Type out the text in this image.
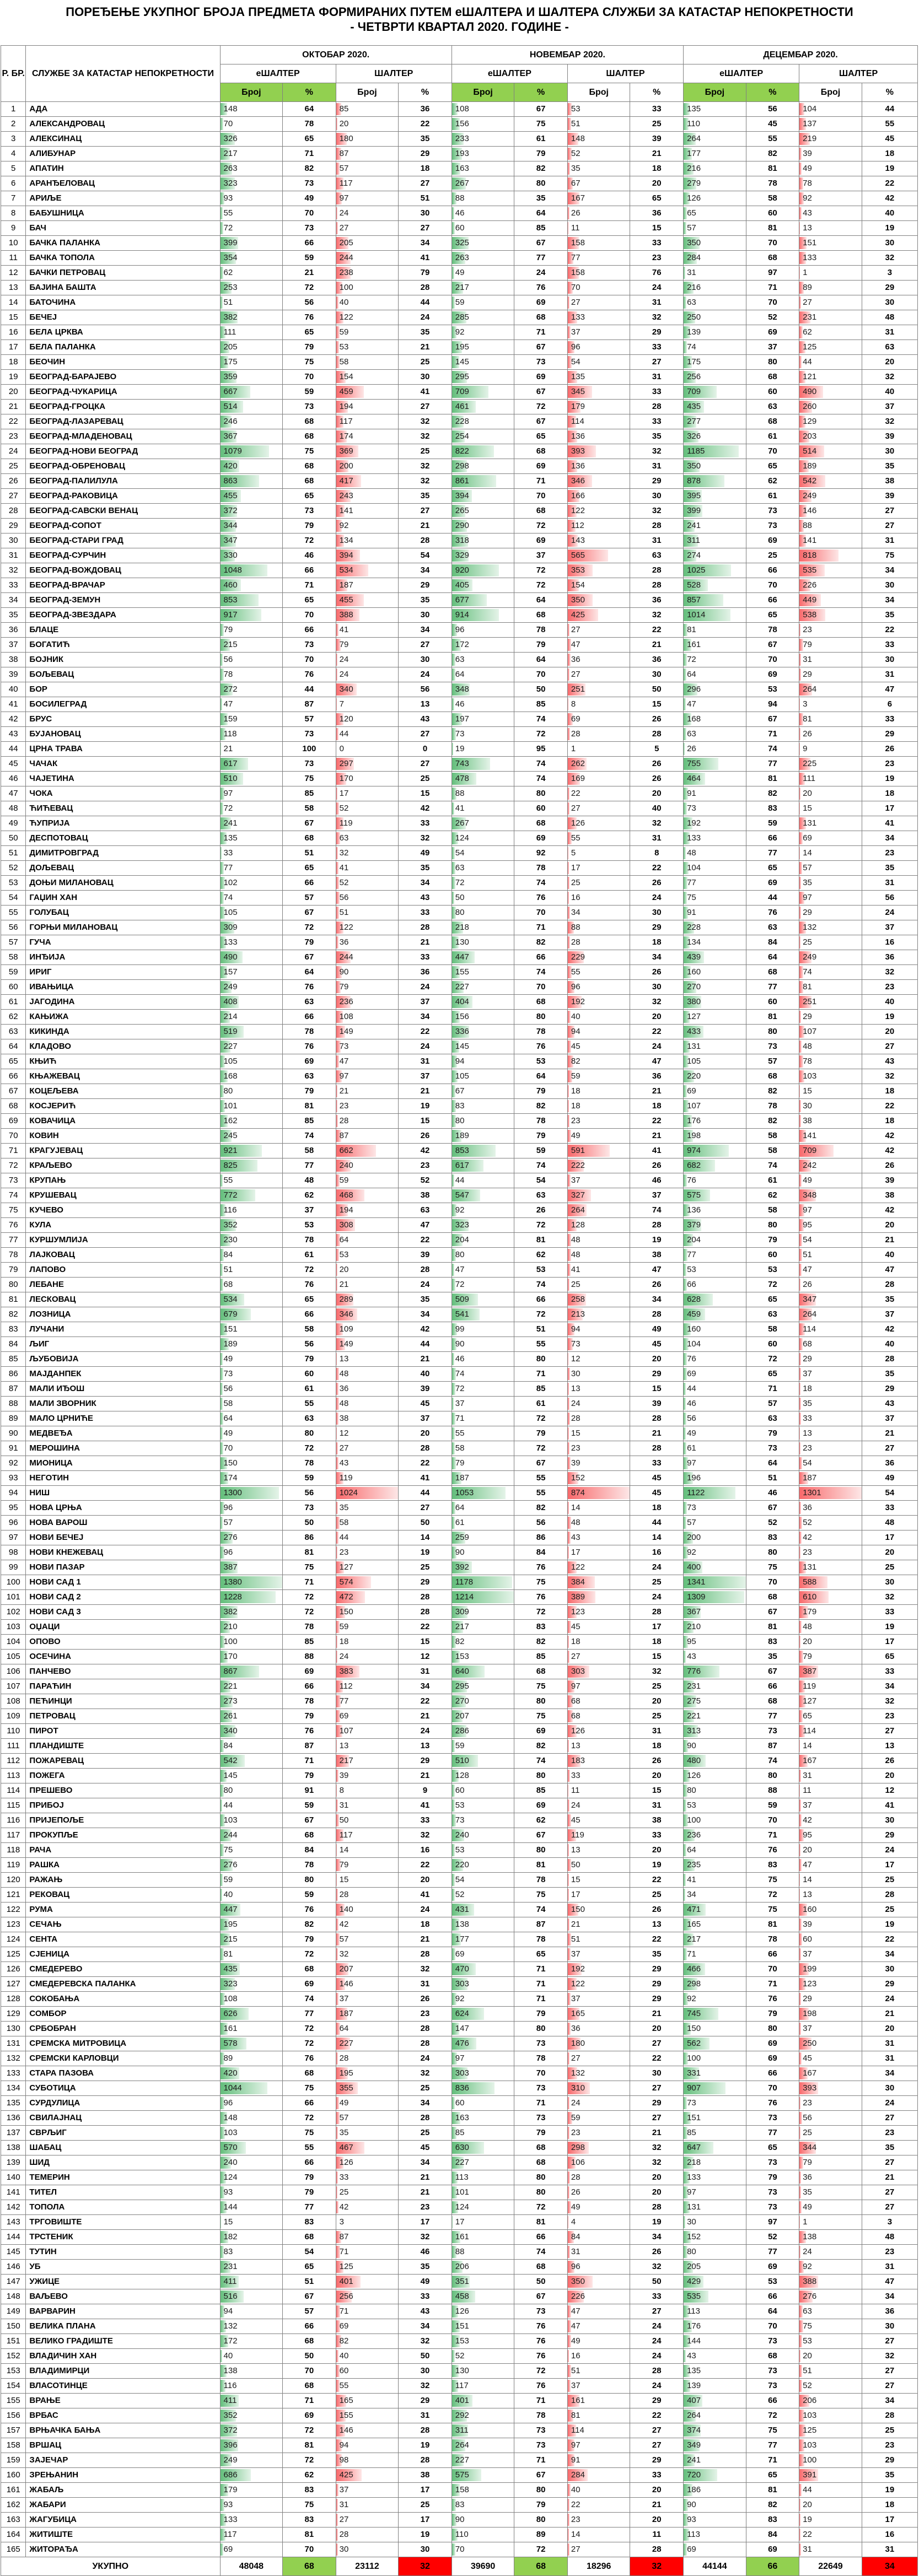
ПОРЕЂЕЊЕ УКУПНОГ БРОЈА ПРЕДМЕТА ФОРМИРАНИХ ПУТЕМ еШАЛТЕРА И ШАЛТЕРА СЛУЖБИ ЗА КАТАСТАР НЕПОКРЕТНОСТИ
- ЧЕТВРТИ КВАРТАЛ 2020. ГОДИНЕ -
Р. БР.	СЛУЖБЕ ЗА КАТАСТАР НЕПОКРЕТНОСТИ	ОКТОБАР 2020.				НОВЕМБАР 2020.				ДЕЦЕМБАР 2020.			
		еШАЛТЕР		ШАЛТЕР		еШАЛТЕР		ШАЛТЕР		еШАЛТЕР		ШАЛТЕР	
		Број	%	Број	%	Број	%	Број	%	Број	%	Број	%
1	АДА	148	64	85	36	108	67	53	33	135	56	104	44
2	АЛЕКСАНДРОВАЦ	70	78	20	22	156	75	51	25	110	45	137	55
3	АЛЕКСИНАЦ	326	65	180	35	233	61	148	39	264	55	219	45
4	АЛИБУНАР	217	71	87	29	193	79	52	21	177	82	39	18
5	АПАТИН	263	82	57	18	163	82	35	18	216	81	49	19
6	АРАНЂЕЛОВАЦ	323	73	117	27	267	80	67	20	279	78	78	22
7	АРИЉЕ	93	49	97	51	88	35	167	65	126	58	92	42
8	БАБУШНИЦА	55	70	24	30	46	64	26	36	65	60	43	40
9	БАЧ	72	73	27	27	60	85	11	15	57	81	13	19
10	БАЧКА ПАЛАНКА	399	66	205	34	325	67	158	33	350	70	151	30
11	БАЧКА ТОПОЛА	354	59	244	41	263	77	77	23	284	68	133	32
12	БАЧКИ ПЕТРОВАЦ	62	21	238	79	49	24	158	76	31	97	1	3
13	БАЈИНА БАШТА	253	72	100	28	217	76	70	24	216	71	89	29
14	БАТОЧИНА	51	56	40	44	59	69	27	31	63	70	27	30
15	БЕЧЕЈ	382	76	122	24	285	68	133	32	250	52	231	48
16	БЕЛА ЦРКВА	111	65	59	35	92	71	37	29	139	69	62	31
17	БЕЛА ПАЛАНКА	205	79	53	21	195	67	96	33	74	37	125	63
18	БЕОЧИН	175	75	58	25	145	73	54	27	175	80	44	20
19	БЕОГРАД-БАРАЈЕВО	359	70	154	30	295	69	135	31	256	68	121	32
20	БЕОГРАД-ЧУКАРИЦА	667	59	459	41	709	67	345	33	709	60	490	40
21	БЕОГРАД-ГРОЦКА	514	73	194	27	461	72	179	28	435	63	260	37
22	БЕОГРАД-ЛАЗАРЕВАЦ	246	68	117	32	228	67	114	33	277	68	129	32
23	БЕОГРАД-МЛАДЕНОВАЦ	367	68	174	32	254	65	136	35	326	61	203	39
24	БЕОГРАД-НОВИ БЕОГРАД	1079	75	369	25	822	68	393	32	1185	70	514	30
25	БЕОГРАД-ОБРЕНОВАЦ	420	68	200	32	298	69	136	31	350	65	189	35
26	БЕОГРАД-ПАЛИЛУЛА	863	68	417	32	861	71	346	29	878	62	542	38
27	БЕОГРАД-РАКОВИЦА	455	65	243	35	394	70	166	30	395	61	249	39
28	БЕОГРАД-САВСКИ ВЕНАЦ	372	73	141	27	265	68	122	32	399	73	146	27
29	БЕОГРАД-СОПОТ	344	79	92	21	290	72	112	28	241	73	88	27
30	БЕОГРАД-СТАРИ ГРАД	347	72	134	28	318	69	143	31	311	69	141	31
31	БЕОГРАД-СУРЧИН	330	46	394	54	329	37	565	63	274	25	818	75
32	БЕОГРАД-ВОЖДОВАЦ	1048	66	534	34	920	72	353	28	1025	66	535	34
33	БЕОГРАД-ВРАЧАР	460	71	187	29	405	72	154	28	528	70	226	30
34	БЕОГРАД-ЗЕМУН	853	65	455	35	677	64	350	36	857	66	449	34
35	БЕОГРАД-ЗВЕЗДАРА	917	70	388	30	914	68	425	32	1014	65	538	35
36	БЛАЦЕ	79	66	41	34	96	78	27	22	81	78	23	22
37	БОГАТИЋ	215	73	79	27	172	79	47	21	161	67	79	33
38	БОЈНИК	56	70	24	30	63	64	36	36	72	70	31	30
39	БОЉЕВАЦ	78	76	24	24	64	70	27	30	64	69	29	31
40	БОР	272	44	340	56	348	50	251	50	296	53	264	47
41	БОСИЛЕГРАД	47	87	7	13	46	85	8	15	47	94	3	6
42	БРУС	159	57	120	43	197	74	69	26	168	67	81	33
43	БУЈАНОВАЦ	118	73	44	27	73	72	28	28	63	71	26	29
44	ЦРНА ТРАВА	21	100	0	0	19	95	1	5	26	74	9	26
45	ЧАЧАК	617	73	297	27	743	74	262	26	755	77	225	23
46	ЧАЈЕТИНА	510	75	170	25	478	74	169	26	464	81	111	19
47	ЧОКА	97	85	17	15	88	80	22	20	91	82	20	18
48	ЋИЋЕВАЦ	72	58	52	42	41	60	27	40	73	83	15	17
49	ЋУПРИЈА	241	67	119	33	267	68	126	32	192	59	131	41
50	ДЕСПОТОВАЦ	135	68	63	32	124	69	55	31	133	66	69	34
51	ДИМИТРОВГРАД	33	51	32	49	54	92	5	8	48	77	14	23
52	ДОЉЕВАЦ	77	65	41	35	63	78	17	22	104	65	57	35
53	ДОЊИ МИЛАНОВАЦ	102	66	52	34	72	74	25	26	77	69	35	31
54	ГАЏИН ХАН	74	57	56	43	50	76	16	24	75	44	97	56
55	ГОЛУБАЦ	105	67	51	33	80	70	34	30	91	76	29	24
56	ГОРЊИ МИЛАНОВАЦ	309	72	122	28	218	71	88	29	228	63	132	37
57	ГУЧА	133	79	36	21	130	82	28	18	134	84	25	16
58	ИНЂИЈА	490	67	244	33	447	66	229	34	439	64	249	36
59	ИРИГ	157	64	90	36	155	74	55	26	160	68	74	32
60	ИВАЊИЦА	249	76	79	24	227	70	96	30	270	77	81	23
61	ЈАГОДИНА	408	63	236	37	404	68	192	32	380	60	251	40
62	КАЊИЖА	214	66	108	34	156	80	40	20	127	81	29	19
63	КИКИНДА	519	78	149	22	336	78	94	22	433	80	107	20
64	КЛАДОВО	227	76	73	24	145	76	45	24	131	73	48	27
65	КЊИЋ	105	69	47	31	94	53	82	47	105	57	78	43
66	КЊАЖЕВАЦ	168	63	97	37	105	64	59	36	220	68	103	32
67	КОЦЕЉЕВА	80	79	21	21	67	79	18	21	69	82	15	18
68	КОСЈЕРИЋ	101	81	23	19	83	82	18	18	107	78	30	22
69	КОВАЧИЦА	162	85	28	15	80	78	23	22	176	82	38	18
70	КОВИН	245	74	87	26	189	79	49	21	198	58	141	42
71	КРАГУЈЕВАЦ	921	58	662	42	853	59	591	41	974	58	709	42
72	КРАЉЕВО	825	77	240	23	617	74	222	26	682	74	242	26
73	КРУПАЊ	55	48	59	52	44	54	37	46	76	61	49	39
74	КРУШЕВАЦ	772	62	468	38	547	63	327	37	575	62	348	38
75	КУЧЕВО	116	37	194	63	92	26	264	74	136	58	97	42
76	КУЛА	352	53	308	47	323	72	128	28	379	80	95	20
77	КУРШУМЛИЈА	230	78	64	22	204	81	48	19	204	79	54	21
78	ЛАЈКОВАЦ	84	61	53	39	80	62	48	38	77	60	51	40
79	ЛАПОВО	51	72	20	28	47	53	41	47	53	53	47	47
80	ЛЕБАНЕ	68	76	21	24	72	74	25	26	66	72	26	28
81	ЛЕСКОВАЦ	534	65	289	35	509	66	258	34	628	65	347	35
82	ЛОЗНИЦА	679	66	346	34	541	72	213	28	459	63	264	37
83	ЛУЧАНИ	151	58	109	42	99	51	94	49	160	58	114	42
84	ЉИГ	189	56	149	44	90	55	73	45	104	60	68	40
85	ЉУБОВИЈА	49	79	13	21	46	80	12	20	76	72	29	28
86	МАЈДАНПЕК	73	60	48	40	74	71	30	29	69	65	37	35
87	МАЛИ ИЂОШ	56	61	36	39	72	85	13	15	44	71	18	29
88	МАЛИ ЗВОРНИК	58	55	48	45	37	61	24	39	46	57	35	43
89	МАЛО ЦРНИЋЕ	64	63	38	37	71	72	28	28	56	63	33	37
90	МЕДВЕЂА	49	80	12	20	55	79	15	21	49	79	13	21
91	МЕРОШИНА	70	72	27	28	58	72	23	28	61	73	23	27
92	МИОНИЦА	150	78	43	22	79	67	39	33	97	64	54	36
93	НЕГОТИН	174	59	119	41	187	55	152	45	196	51	187	49
94	НИШ	1300	56	1024	44	1053	55	874	45	1122	46	1301	54
95	НОВА ЦРЊА	96	73	35	27	64	82	14	18	73	67	36	33
96	НОВА ВАРОШ	57	50	58	50	61	56	48	44	57	52	52	48
97	НОВИ БЕЧЕЈ	276	86	44	14	259	86	43	14	200	83	42	17
98	НОВИ КНЕЖЕВАЦ	96	81	23	19	90	84	17	16	92	80	23	20
99	НОВИ ПАЗАР	387	75	127	25	392	76	122	24	400	75	131	25
100	НОВИ САД 1	1380	71	574	29	1178	75	384	25	1341	70	588	30
101	НОВИ САД 2	1228	72	472	28	1214	76	389	24	1309	68	610	32
102	НОВИ САД 3	382	72	150	28	309	72	123	28	367	67	179	33
103	ОЏАЦИ	210	78	59	22	217	83	45	17	210	81	48	19
104	ОПОВО	100	85	18	15	82	82	18	18	95	83	20	17
105	ОСЕЧИНА	170	88	24	12	153	85	27	15	43	35	79	65
106	ПАНЧЕВО	867	69	383	31	640	68	303	32	776	67	387	33
107	ПАРАЋИН	221	66	112	34	295	75	97	25	231	66	119	34
108	ПЕЋИНЦИ	273	78	77	22	270	80	68	20	275	68	127	32
109	ПЕТРОВАЦ	261	79	69	21	207	75	68	25	221	77	65	23
110	ПИРОТ	340	76	107	24	286	69	126	31	313	73	114	27
111	ПЛАНДИШТЕ	84	87	13	13	59	82	13	18	90	87	14	13
112	ПОЖАРЕВАЦ	542	71	217	29	510	74	183	26	480	74	167	26
113	ПОЖЕГА	145	79	39	21	128	80	33	20	126	80	31	20
114	ПРЕШЕВО	80	91	8	9	60	85	11	15	80	88	11	12
115	ПРИБОЈ	44	59	31	41	53	69	24	31	53	59	37	41
116	ПРИЈЕПОЉЕ	103	67	50	33	73	62	45	38	100	70	42	30
117	ПРОКУПЉЕ	244	68	117	32	240	67	119	33	236	71	95	29
118	РАЧА	75	84	14	16	53	80	13	20	64	76	20	24
119	РАШКА	276	78	79	22	220	81	50	19	235	83	47	17
120	РАЖАЊ	59	80	15	20	54	78	15	22	41	75	14	25
121	РЕКОВАЦ	40	59	28	41	52	75	17	25	34	72	13	28
122	РУМА	447	76	140	24	431	74	150	26	471	75	160	25
123	СЕЧАЊ	195	82	42	18	138	87	21	13	165	81	39	19
124	СЕНТА	215	79	57	21	177	78	51	22	217	78	60	22
125	СЈЕНИЦА	81	72	32	28	69	65	37	35	71	66	37	34
126	СМЕДЕРЕВО	435	68	207	32	470	71	192	29	466	70	199	30
127	СМЕДЕРЕВСКА ПАЛАНКА	323	69	146	31	303	71	122	29	298	71	123	29
128	СОКОБАЊА	108	74	37	26	92	71	37	29	92	76	29	24
129	СОМБОР	626	77	187	23	624	79	165	21	745	79	198	21
130	СРБОБРАН	161	72	64	28	147	80	36	20	150	80	37	20
131	СРЕМСКА МИТРОВИЦА	578	72	227	28	476	73	180	27	562	69	250	31
132	СРЕМСКИ КАРЛОВЦИ	89	76	28	24	97	78	27	22	100	69	45	31
133	СТАРА ПАЗОВА	420	68	195	32	303	70	132	30	331	66	167	34
134	СУБОТИЦА	1044	75	355	25	836	73	310	27	907	70	393	30
135	СУРДУЛИЦА	96	66	49	34	60	71	24	29	73	76	23	24
136	СВИЛАЈНАЦ	148	72	57	28	163	73	59	27	151	73	56	27
137	СВРЉИГ	103	75	35	25	85	79	23	21	85	77	25	23
138	ШАБАЦ	570	55	467	45	630	68	298	32	647	65	344	35
139	ШИД	240	66	126	34	227	68	106	32	218	73	79	27
140	ТЕМЕРИН	124	79	33	21	113	80	28	20	133	79	36	21
141	ТИТЕЛ	93	79	25	21	101	80	26	20	97	73	35	27
142	ТОПОЛА	144	77	42	23	124	72	49	28	131	73	49	27
143	ТРГОВИШТЕ	15	83	3	17	17	81	4	19	30	97	1	3
144	ТРСТЕНИК	182	68	87	32	161	66	84	34	152	52	138	48
145	ТУТИН	83	54	71	46	88	74	31	26	80	77	24	23
146	УБ	231	65	125	35	206	68	96	32	205	69	92	31
147	УЖИЦЕ	411	51	401	49	351	50	350	50	429	53	388	47
148	ВАЉЕВО	516	67	256	33	458	67	226	33	535	66	276	34
149	ВАРВАРИН	94	57	71	43	126	73	47	27	113	64	63	36
150	ВЕЛИКА ПЛАНА	132	66	69	34	151	76	47	24	176	70	75	30
151	ВЕЛИКО ГРАДИШТЕ	172	68	82	32	153	76	49	24	144	73	53	27
152	ВЛАДИЧИН ХАН	40	50	40	50	52	76	16	24	43	68	20	32
153	ВЛАДИМИРЦИ	138	70	60	30	130	72	51	28	135	73	51	27
154	ВЛАСОТИНЦЕ	116	68	55	32	117	76	37	24	139	73	52	27
155	ВРАЊЕ	411	71	165	29	401	71	161	29	407	66	206	34
156	ВРБАС	352	69	155	31	292	78	81	22	264	72	103	28
157	ВРЊАЧКА БАЊА	372	72	146	28	311	73	114	27	374	75	125	25
158	ВРШАЦ	396	81	94	19	264	73	97	27	349	77	103	23
159	ЗАЈЕЧАР	249	72	98	28	227	71	91	29	241	71	100	29
160	ЗРЕЊАНИН	686	62	425	38	575	67	284	33	720	65	391	35
161	ЖАБАЉ	179	83	37	17	158	80	40	20	186	81	44	19
162	ЖАБАРИ	93	75	31	25	83	79	22	21	90	82	20	18
163	ЖАГУБИЦА	133	83	27	17	90	80	23	20	93	83	19	17
164	ЖИТИШТЕ	117	81	28	19	110	89	14	11	113	84	22	16
165	ЖИТОРАЂА	69	70	30	30	70	72	27	28	69	69	31	31
УКУПНО		48048	68	23112	32	39690	68	18296	32	44144	66	22649	34
